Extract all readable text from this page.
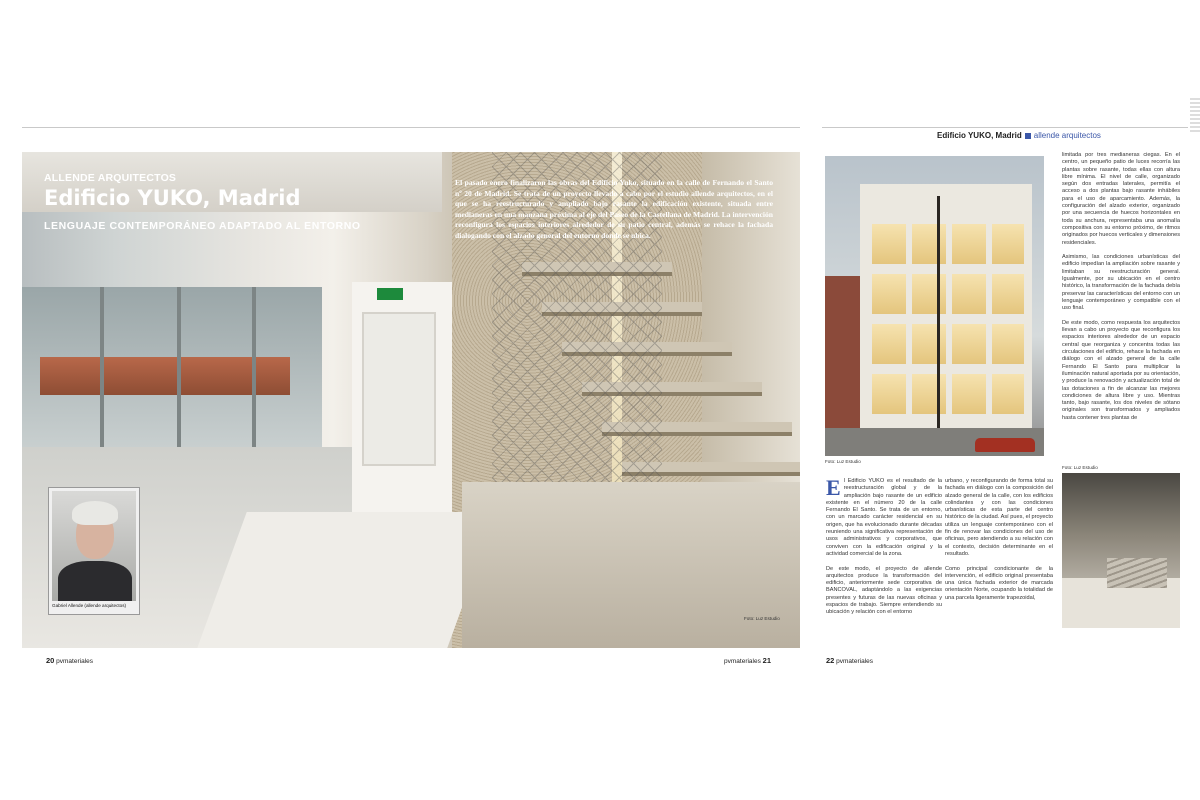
Foto: Luz Estudio
ALLENDE ARQUITECTOS
Edificio YUKO, Madrid
LENGUAJE CONTEMPORÁNEO ADAPTADO AL ENTORNO
El pasado enero finalizaron las obras del Edificio Yuko, situado en la calle de Fernando el Santo nº 20 de Madrid. Se trata de un proyecto llevado a cabo por el estudio allende arquitectos, en el que se ha reestructurado y ampliado bajo rasante la edificación existente, situada entre medianeras en una manzana próxima al eje del Paseo de la Castellana de Madrid. La intervención reconfigura los espacios interiores alrededor de su patio central, además se rehace la fachada dialogando con el alzado general del entorno donde se ubica.
Gabriel Allende (allende arquitectos)
20 pvmateriales	pvmateriales 21
Edificio YUKO, Madrid allende arquitectos
Foto: Luz Estudio
Foto: Luz Estudio
El Edificio YUKO es el resultado de la reestructuración global y de la ampliación bajo rasante de un edificio existente en el número 20 de la calle Fernando El Santo. Se trata de un entorno, con un marcado carácter residencial en su origen, que ha evolucionado durante décadas reuniendo una significativa representación de usos administrativos y corporativos, que conviven con la edificación original y la actividad comercial de la zona.

De este modo, el proyecto de allende arquitectos produce la transformación del edificio, anteriormente sede corporativa de BANCOVAL, adaptándolo a las exigencias presentes y futuras de las nuevas oficinas y espacios de trabajo. Siempre entendiendo su ubicación y relación con el entorno
urbano, y reconfigurando de forma total su fachada en diálogo con la composición del alzado general de la calle, con los edificios colindantes y con las condiciones urbanísticas de esta parte del centro histórico de la ciudad. Así pues, el proyecto utiliza un lenguaje contemporáneo con el fin de renovar las condiciones del uso de oficinas, pero atendiendo a su relación con el contexto, decisión determinante en el resultado.

Como principal condicionante de la intervención, el edificio original presentaba una única fachada exterior de marcada orientación Norte, ocupando la totalidad de una parcela ligeramente trapezoidal,
limitada por tres medianeras ciegas. En el centro, un pequeño patio de luces recorría las plantas sobre rasante, todas ellas con altura libre mínima. El nivel de calle, organizado según dos entradas laterales, permitía el acceso a dos plantas bajo rasante inhábiles para el uso de aparcamiento. Además, la configuración del alzado exterior, organizado por una secuencia de huecos horizontales en toda su anchura, representaba una anomalía compositiva con su entorno próximo, de ritmos originados por huecos verticales y dimensiones residenciales.

Asimismo, las condiciones urbanísticas del edificio impedían la ampliación sobre rasante y limitaban su reestructuración general. Igualmente, por su ubicación en el centro histórico, la transformación de la fachada debía preservar las características del entorno con un lenguaje contemporáneo y compatible con el uso final.

De este modo, como respuesta los arquitectos llevan a cabo un proyecto que reconfigura los espacios interiores alrededor de un espacio central que reorganiza y concentra todas las circulaciones del edificio, rehace la fachada en diálogo con el alzado general de la calle Fernando El Santo para multiplicar la iluminación natural aportada por su orientación, y produce la renovación y actualización total de las dotaciones a fin de alcanzar las mejores condiciones de altura libre y uso. Mientras tanto, bajo rasante, los dos niveles de sótano originales son transformados y ampliados hasta contener tres plantas de
22 pvmateriales
